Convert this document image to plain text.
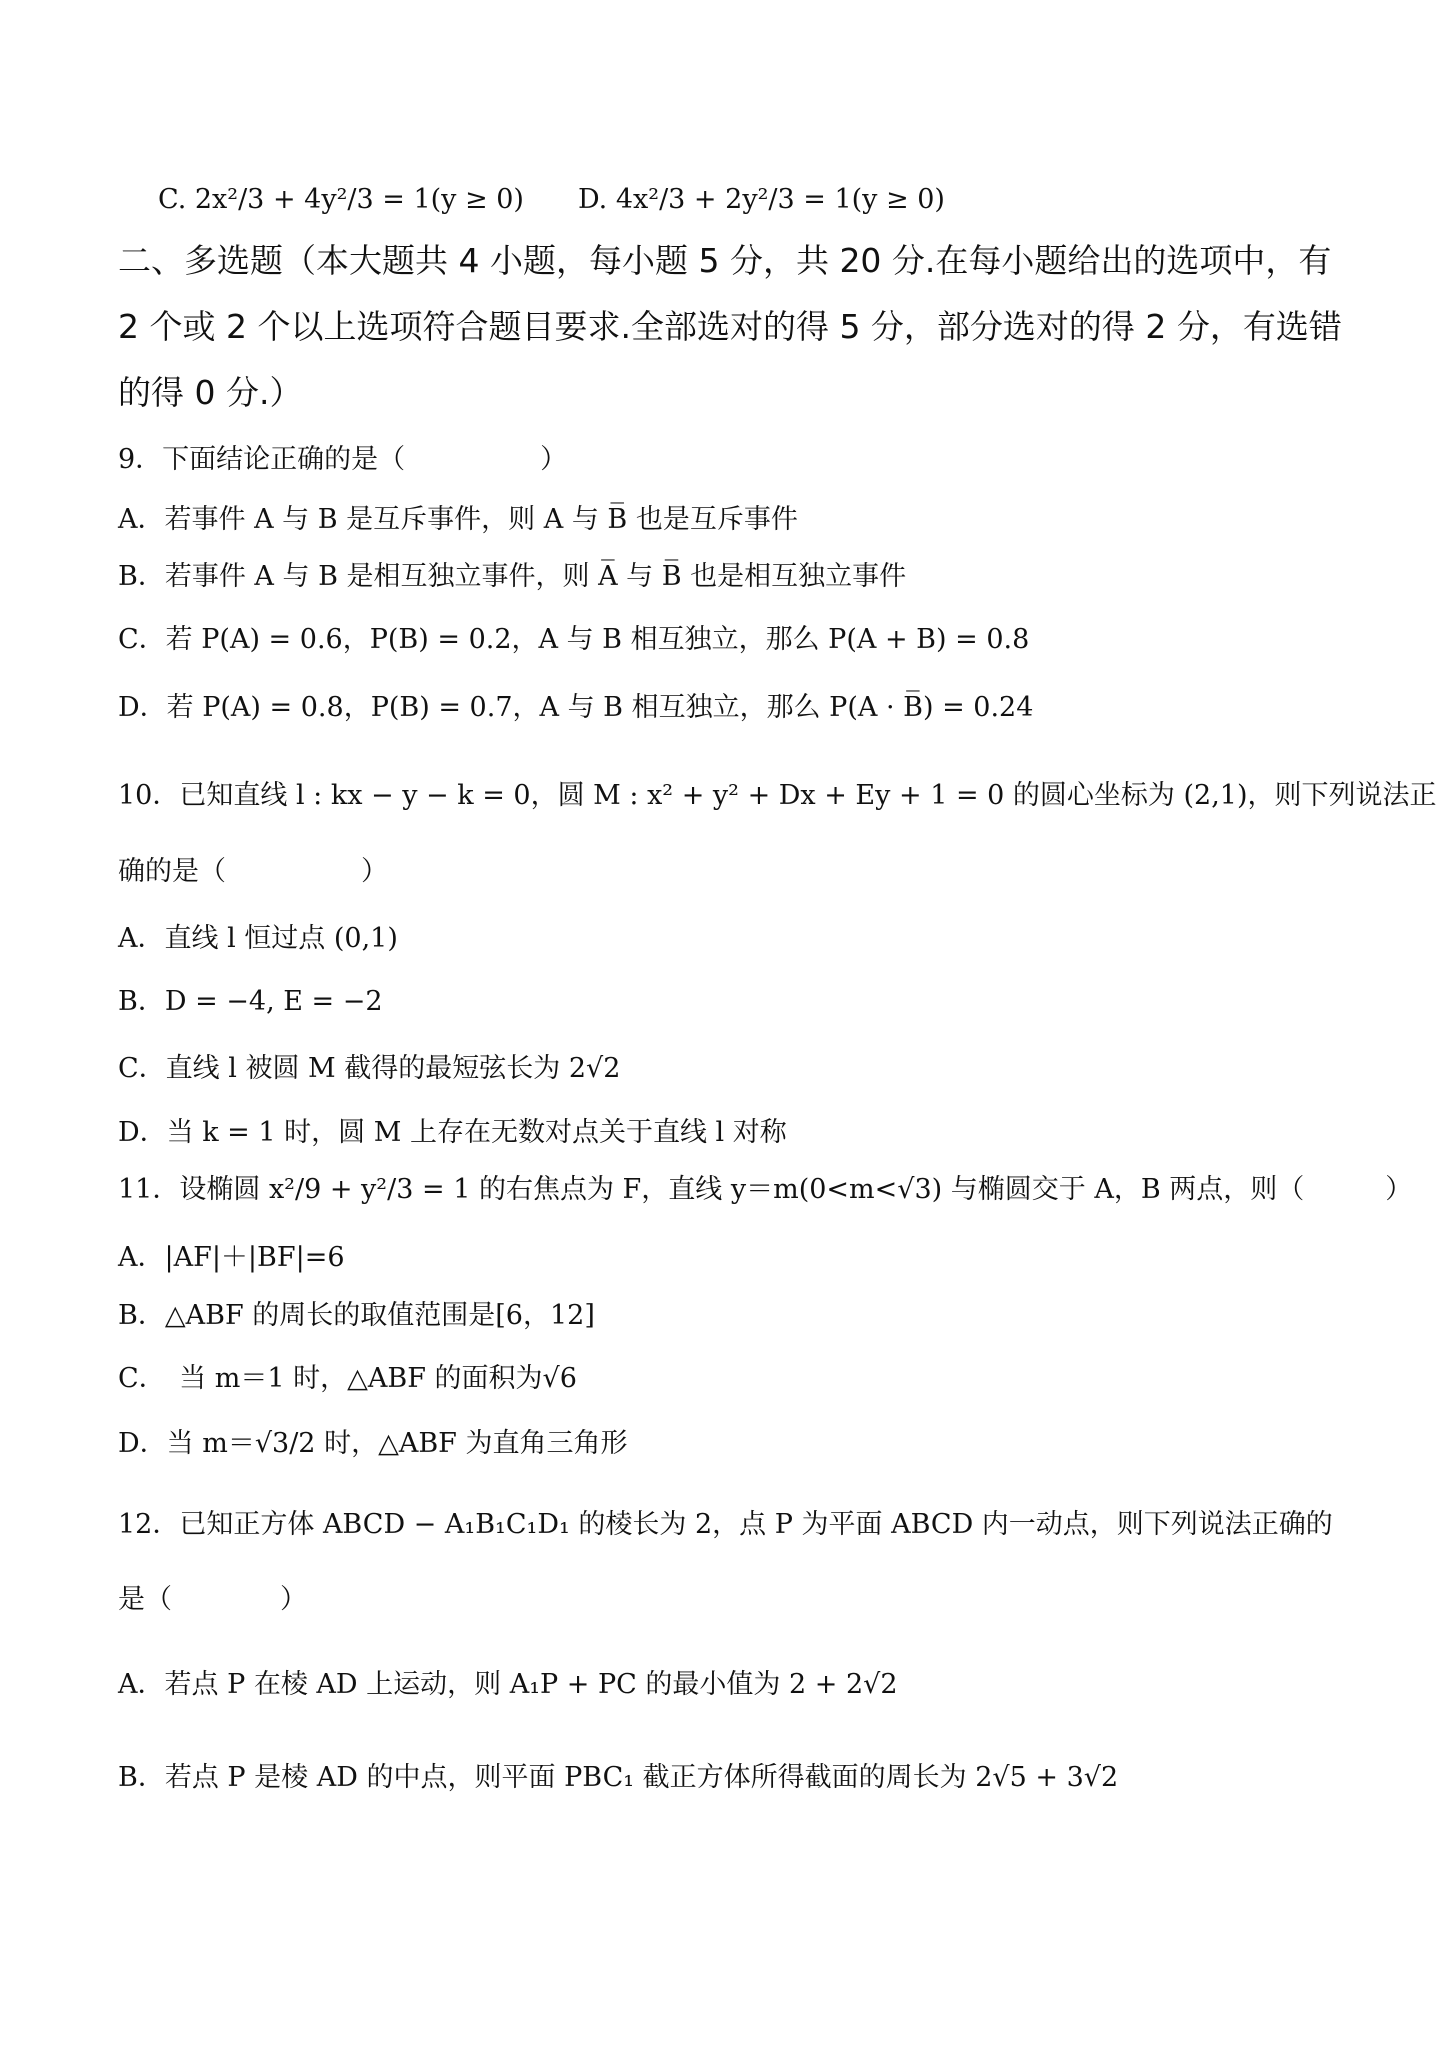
C. 2x²/3 + 4y²/3 = 1(y ≥ 0) D. 4x²/3 + 2y²/3 = 1(y ≥ 0)
二、多选题（本大题共 4 小题，每小题 5 分，共 20 分.在每小题给出的选项中，有
2 个或 2 个以上选项符合题目要求.全部选对的得 5 分，部分选对的得 2 分，有选错
的得 0 分.）
9．下面结论正确的是（　　　　　）
A．若事件 A 与 B 是互斥事件，则 A 与 B̅ 也是互斥事件
B．若事件 A 与 B 是相互独立事件，则 A̅ 与 B̅ 也是相互独立事件
C．若 P(A) = 0.6，P(B) = 0.2，A 与 B 相互独立，那么 P(A + B) = 0.8
D．若 P(A) = 0.8，P(B) = 0.7，A 与 B 相互独立，那么 P(A · B̅) = 0.24
10．已知直线 l : kx − y − k = 0，圆 M : x² + y² + Dx + Ey + 1 = 0 的圆心坐标为 (2,1)，则下列说法正
确的是（　　　　　）
A．直线 l 恒过点 (0,1)
B．D = −4, E = −2
C．直线 l 被圆 M 截得的最短弦长为 2√2
D．当 k = 1 时，圆 M 上存在无数对点关于直线 l 对称
11．设椭圆 x²/9 + y²/3 = 1 的右焦点为 F，直线 y＝m(0<m<√3) 与椭圆交于 A，B 两点，则（　　　）
A．|AF|＋|BF|=6
B．△ABF 的周长的取值范围是[6，12]
C．　当 m＝1 时，△ABF 的面积为√6
D．当 m＝√3/2 时，△ABF 为直角三角形
12．已知正方体 ABCD − A₁B₁C₁D₁ 的棱长为 2，点 P 为平面 ABCD 内一动点，则下列说法正确的
是（　　　　）
A．若点 P 在棱 AD 上运动，则 A₁P + PC 的最小值为 2 + 2√2
B．若点 P 是棱 AD 的中点，则平面 PBC₁ 截正方体所得截面的周长为 2√5 + 3√2
